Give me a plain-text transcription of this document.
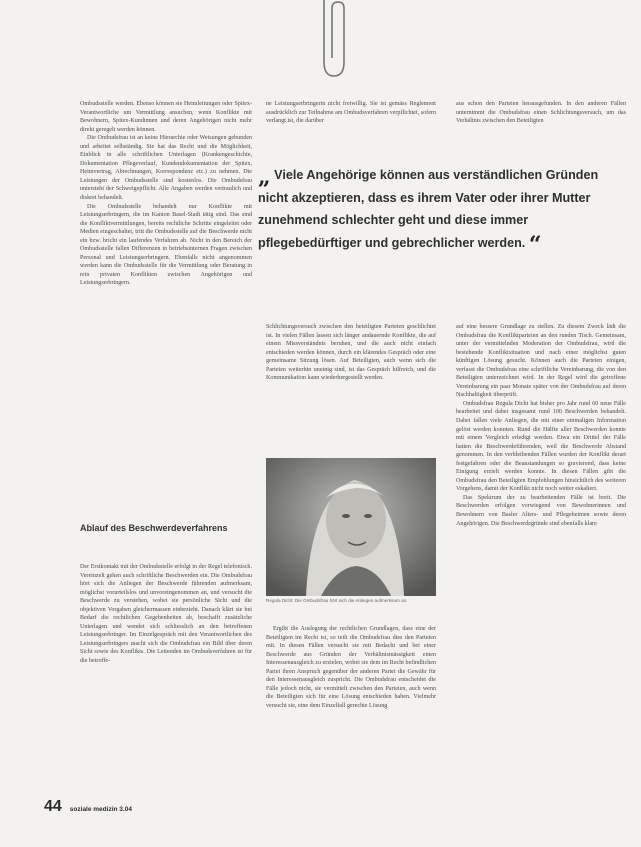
Ombudsstelle werden. Ebenso können sie Heimleitungen oder Spitex-Verantwortliche um Vermittlung ansuchen, wenn Konflikte mit Bewohnern, Spitex-Kundinnen und deren Angehörigen nicht mehr direkt geregelt werden können.

Die Ombudsfrau ist an keine Hierarchie oder Weisungen gebunden und arbeitet selbständig. Sie hat das Recht und die Möglichkeit, Einblick in alle schriftlichen Unterlagen (Krankengeschichte, Dokumentation Pflegeverlauf, Kundendokumentation der Spitex, Heimvertrag, Abrechnungen, Korrespondenz etc.) zu nehmen. Die Leistungen der Ombudsstelle sind kostenlos. Die Ombudsfrau untersteht der Schweigepflicht. Alle Angaben werden vertraulich und diskret behandelt.

Die Ombudsstelle behandelt nur Konflikte mit Leistungserbringern, die im Kanton Basel-Stadt tätig sind. Das sind die Konfliktvermittlungen, bereits rechtliche Schritte eingeleitet oder Medien eingeschaltet, tritt die Ombudsstelle auf die Beschwerde nicht ein bzw. bricht ein laufendes Verfahren ab. Nicht in den Bereich der Ombudsstelle fallen Differenzen in betriebsinternen Fragen zwischen Personal und Leistungserbringern. Ebenfalls nicht angenommen werden kann die Ombudsstelle für die Vermittlung oder Beratung in rein privaten Konflikten zwischen Angehörigen und Leistungserbringern.

Ablauf des Beschwerdeverfahrens

Der Erstkontakt mit der Ombudsstelle erfolgt in der Regel telefonisch. Vereinzelt gehen auch schriftliche Beschwerden ein. Die Ombudsfrau hört sich die Anliegen der Beschwerde führenden aufmerksam, möglichst vorurteilslos und unvoreingenommen an, und versucht die Beschwerde zu verstehen, wobei sie persönliche Sicht und die objektiven Vorgaben gleichermassen einbezieht. Danach klärt sie bei Bedarf die rechtlichen Gegebenheiten ab, beschafft zusätzliche Unterlagen und wendet sich schliesslich an den betroffenen Leistungserbringer. Im Einzelgespräch mit den Verantwortlichen des Leistungserbringers macht sich die Ombudsfrau ein Bild über deren Sicht sowie des Konflikts. Die Leitenden im Ombudsverfahren ist für die betroffe-

ne Leistungserbringerin nicht freiwillig. Sie ist gemäss Reglement ausdrücklich zur Teilnahme am Ombudsverfahren verpflichtet, sofern verlangt ist, die darüber

aus schon den Parteien herausgefunden. In den anderen Fällen unternimmt die Ombudsfrau einen Schlichtungsversuch, um das Verhältnis zwischen den Beteiligten

„ Viele Angehörige können aus verständlichen Gründen nicht akzeptieren, dass es ihrem Vater oder ihrer Mutter zunehmend schlechter geht und diese immer pflegebedürftiger und gebrechlicher werden. “

Schlichtungsversuch zwischen den beteiligten Parteien geschlichtet ist. In vielen Fällen lassen sich länger andauernde Konflikte, die auf einem Missverständnis beruhen, und die auch nicht einfach entschieden werden können, durch ein klärendes Gespräch oder eine gemeinsame Sitzung lösen. Auf Beteiligten, auch wenn sich die Parteien weiterhin uneinig sind, ist das Gespräch hilfreich, und die Kommunikation kann wiederhergestellt werden.

auf eine bessere Grundlage zu stellen. Zu diesem Zweck lädt die Ombudsfrau die Konfliktparteien an den runden Tisch. Gemeinsam, unter der vermittelnden Moderation der Ombudsfrau, wird die bestehende Konfliktsituation und nach einer möglichst guten künftigen Lösung gesucht. Können auch die Parteien einigen, verfasst die Ombudsfrau eine schriftliche Vereinbarung, die von den Beteiligten unterzeichnet wird. In der Regel wird die getroffene Vereinbarung ein paar Monate später von der Ombudsfrau auf deren Nachhaltigkeit überprüft.

Ombudsfrau Regula Dicht hat bisher pro Jahr rund 60 neue Fälle bearbeitet und dabei insgesamt rund 100 Beschwerden behandelt. Dabei fallen viele Anliegen, die mit einer einmaligen Information gelöst werden konnten. Rund die Hälfte aller Beschwerden konnte mit einem Vergleich erledigt werden. Etwa ein Drittel der Fälle hatten die Beschwerdeführenden, weil die Beschwerde Abstand genommen. In den verbleibenden Fällen wurden der Konflikt derart festgefahren oder die Beanstandungen so gravierend, dass keine Einigung erzielt werden konnte. In diesen Fällen gibt die Ombudsfrau den Beteiligten Empfehlungen hinsichtlich des weiteren Vorgehens, damit der Konflikt nicht noch weiter eskaliert.

Das Spektrum der zu bearbeitenden Fälle ist breit. Die Beschwerden erfolgen vorwiegend von Bewohnerinnen und Bewohnern von Basler Alters- und Pflegeheimen sowie deren Angehörigen. Die Beschwerdegründe sind ebenfalls klare

Regula Dicht: Die Ombudsfrau hört sich die Anliegen aufmerksam an.

Ergibt die Auslegung der rechtlichen Grundlagen, dass eine der Beteiligten im Recht ist, so teilt die Ombudsfrau dies den Parteien mit. In diesen Fällen versucht sie mit Bedacht und bei einer Beschwerde aus Gründen der Verhältnismässigkeit einen Interessenausgleich zu erzielen, wobei sie dem im Recht befindlichen Partei ihren Anspruch gegenüber der anderen Partei die Gewähr für den Interessenausgleich zuspricht. Die Ombudsfrau entscheidet die Fälle jedoch nicht, sie vermittelt zwischen den Parteien, auch wenn die Beteiligten sich für eine Lösung entschieden haben. Vielmehr versucht sie, eine dem Einzelfall gerechte Lösung

44 soziale medizin 3.04
